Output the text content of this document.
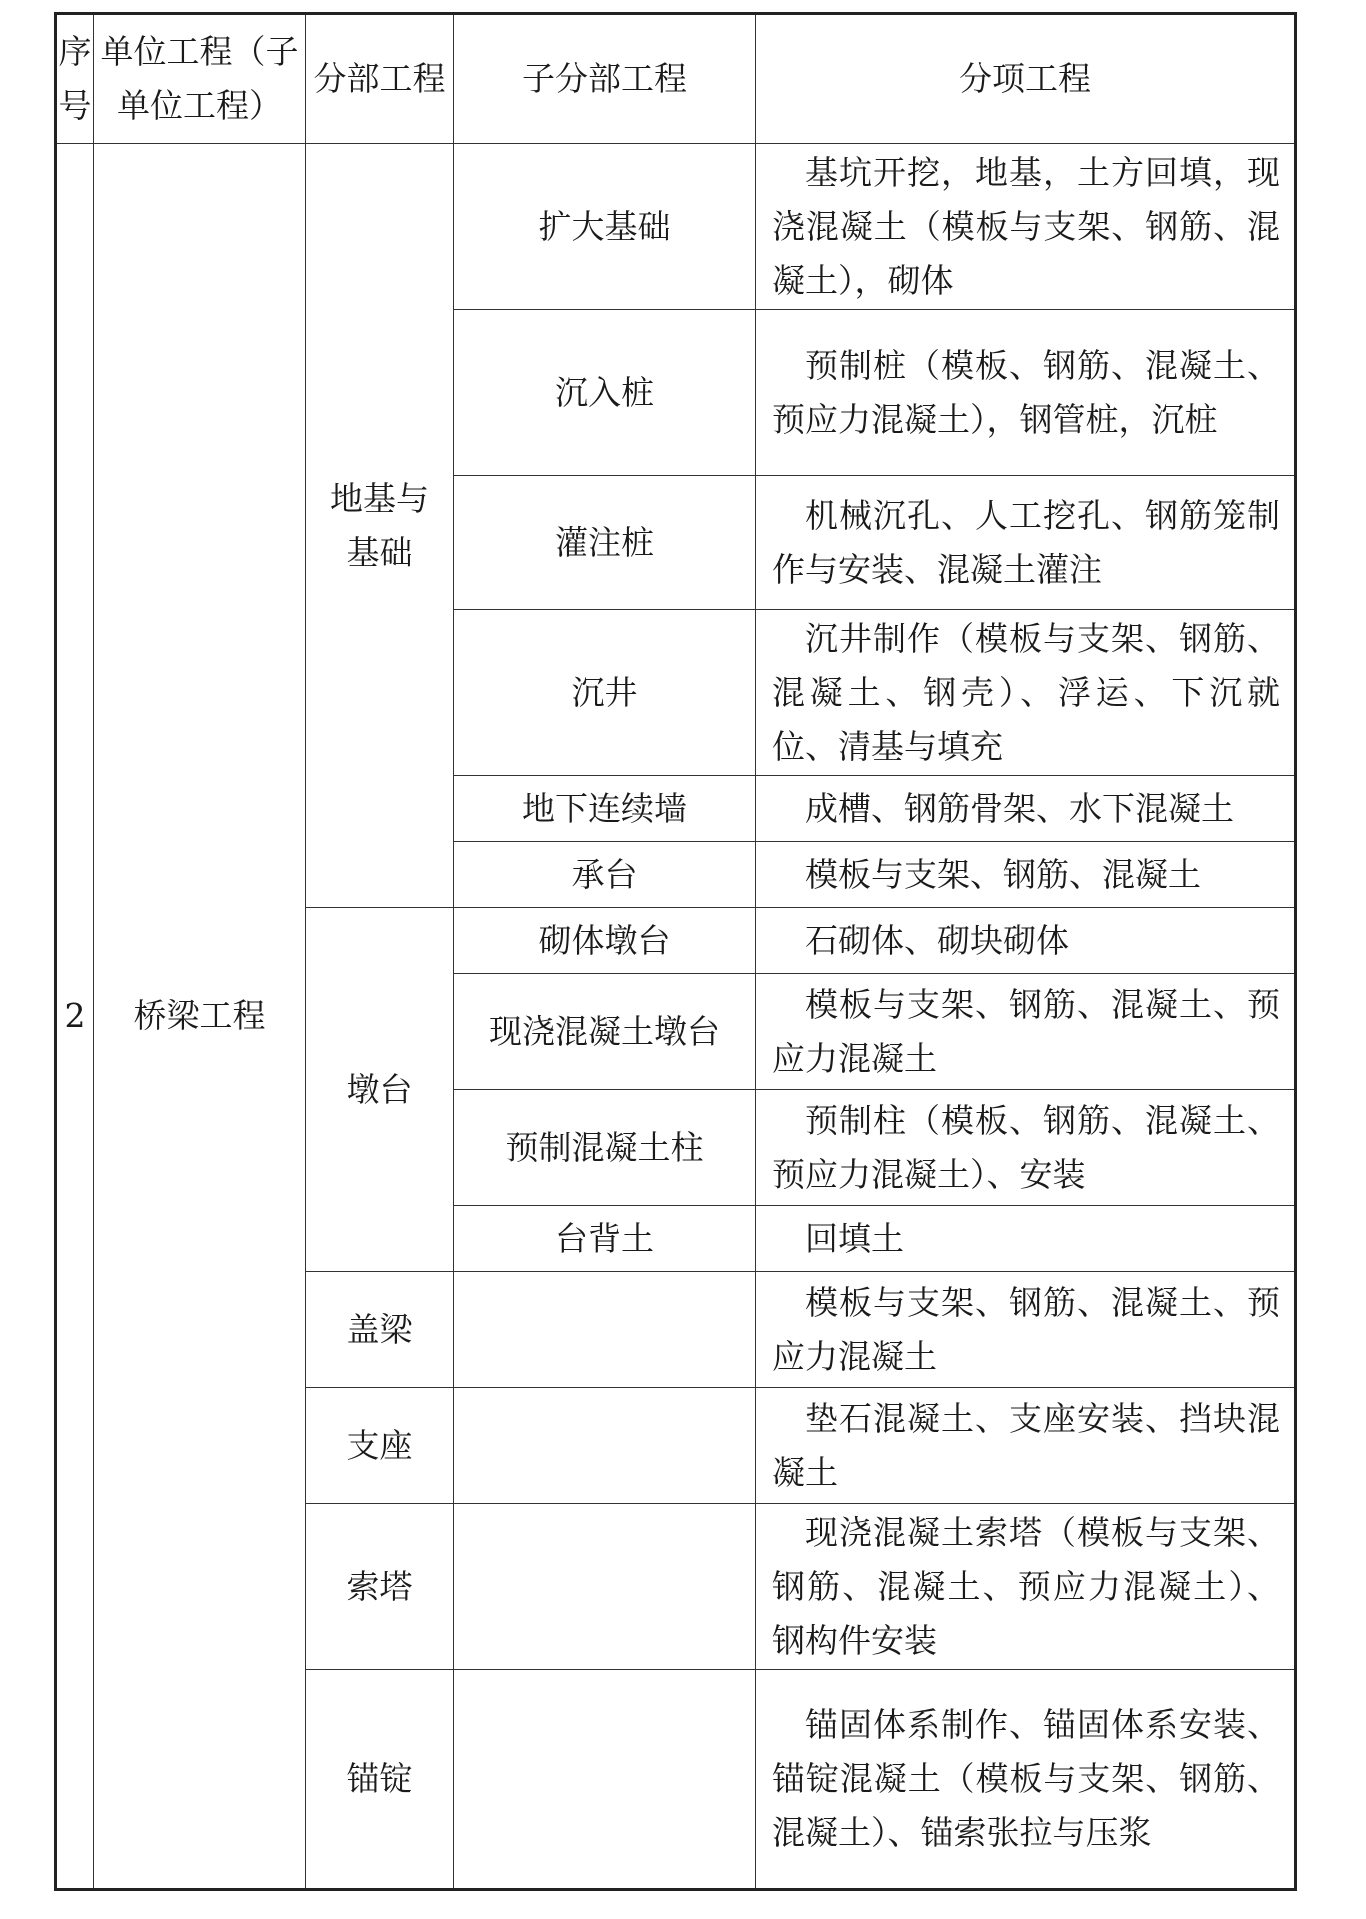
序号	单位工程（子单位工程）	分部工程	子分部工程	分项工程
2	桥梁工程	地基与基础	扩大基础	基坑开挖，地基，土方回填，现浇混凝土（模板与支架、钢筋、混凝土），砌体
			沉入桩	预制桩（模板、钢筋、混凝土、预应力混凝土），钢管桩，沉桩
			灌注桩	机械沉孔、人工挖孔、钢筋笼制作与安装、混凝土灌注
			沉井	沉井制作（模板与支架、钢筋、混凝土、钢壳）、浮运、下沉就位、清基与填充
			地下连续墙	成槽、钢筋骨架、水下混凝土
			承台	模板与支架、钢筋、混凝土
		墩台	砌体墩台	石砌体、砌块砌体
			现浇混凝土墩台	模板与支架、钢筋、混凝土、预应力混凝土
			预制混凝土柱	预制柱（模板、钢筋、混凝土、预应力混凝土）、安装
			台背土	回填土
		盖梁		模板与支架、钢筋、混凝土、预应力混凝土
		支座		垫石混凝土、支座安装、挡块混凝土
		索塔		现浇混凝土索塔（模板与支架、钢筋、混凝土、预应力混凝土）、钢构件安装
		锚锭		锚固体系制作、锚固体系安装、锚锭混凝土（模板与支架、钢筋、混凝土）、锚索张拉与压浆
